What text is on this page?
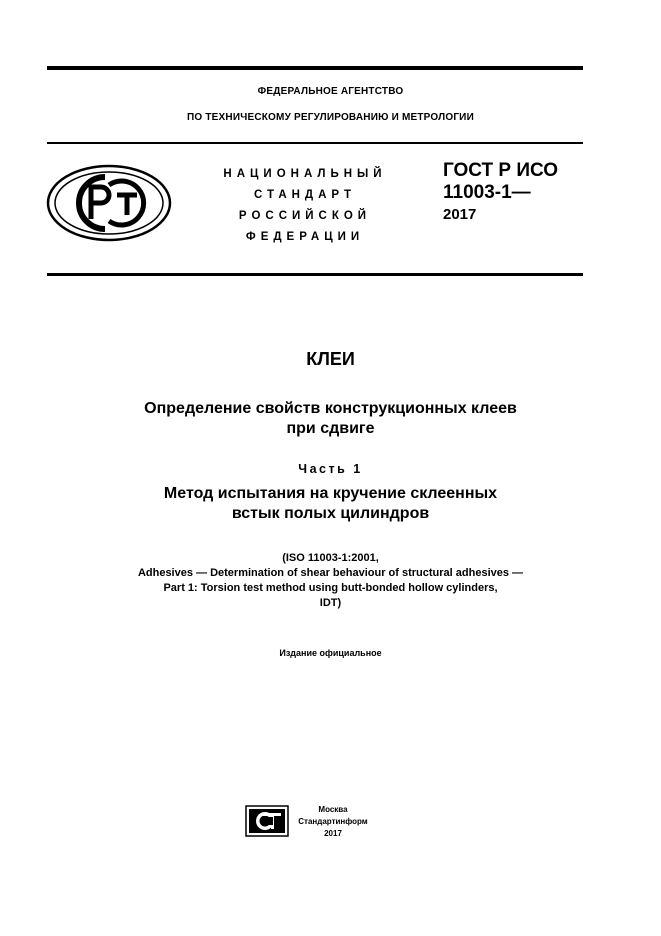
ФЕДЕРАЛЬНОЕ АГЕНТСТВО
ПО ТЕХНИЧЕСКОМУ РЕГУЛИРОВАНИЮ И МЕТРОЛОГИИ
НАЦИОНАЛЬНЫЙ
СТАНДАРТ
РОССИЙСКОЙ
ФЕДЕРАЦИИ
ГОСТ Р ИСО
11003-1—
2017
КЛЕИ
Определение свойств конструкционных клеев
при сдвиге
Часть 1
Метод испытания на кручение склеенных
встык полых цилиндров
(ISO 11003-1:2001,
Adhesives — Determination of shear behaviour of structural adhesives —
Part 1: Torsion test method using butt-bonded hollow cylinders,
IDT)
Издание официальное
Москва
Стандартинформ
2017
